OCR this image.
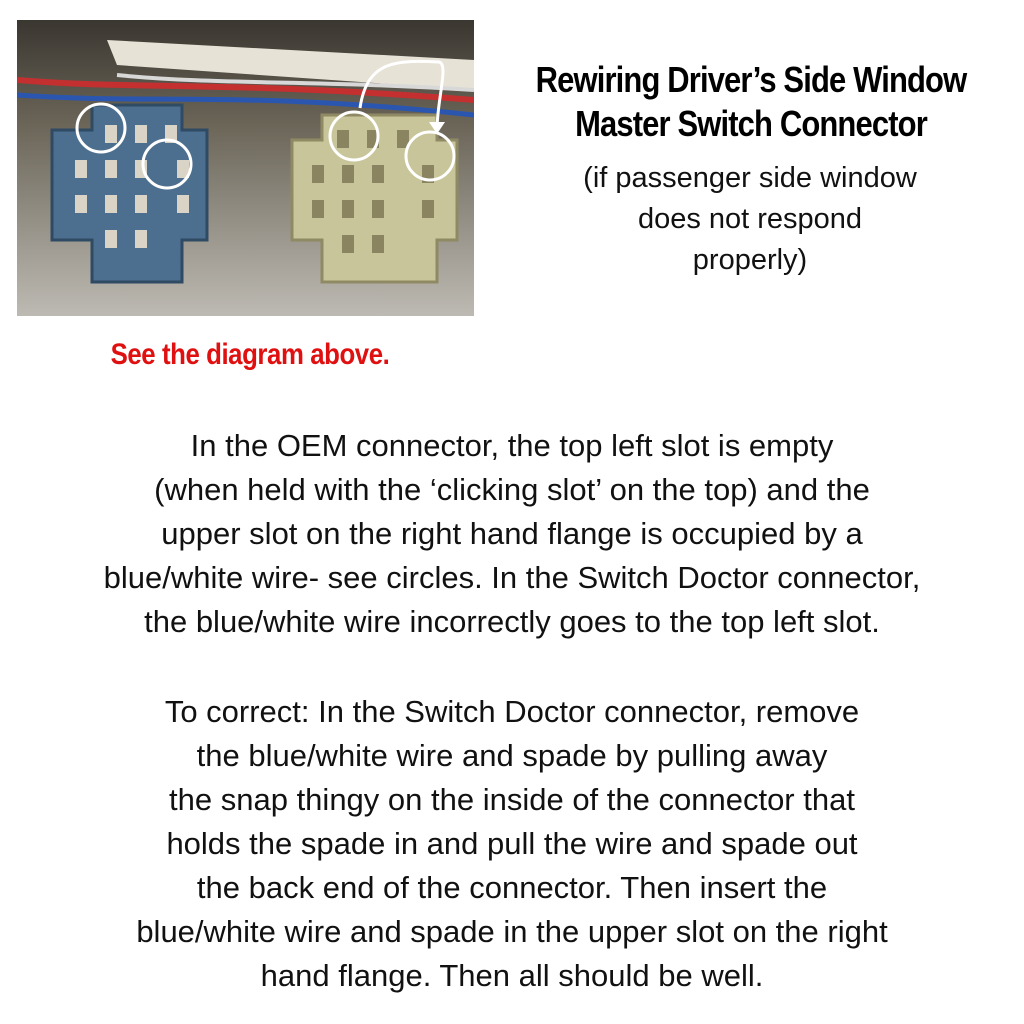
Rewiring Driver’s Side Window
Master Switch Connector
(if passenger side window
does not respond
properly)
See the diagram above.
In the OEM connector, the top left slot is empty
(when held with the ‘clicking slot’ on the top) and the
upper slot on the right hand flange is occupied by a
blue/white wire- see circles. In the Switch Doctor connector,
the blue/white wire incorrectly goes to the top left slot.
To correct: In the Switch Doctor connector, remove
the blue/white wire and spade by pulling away
the snap thingy on the inside of the connector that
holds the spade in and pull the wire and spade out
the back end of the connector. Then insert the
blue/white wire and spade in the upper slot on the right
hand flange. Then all should be well.
